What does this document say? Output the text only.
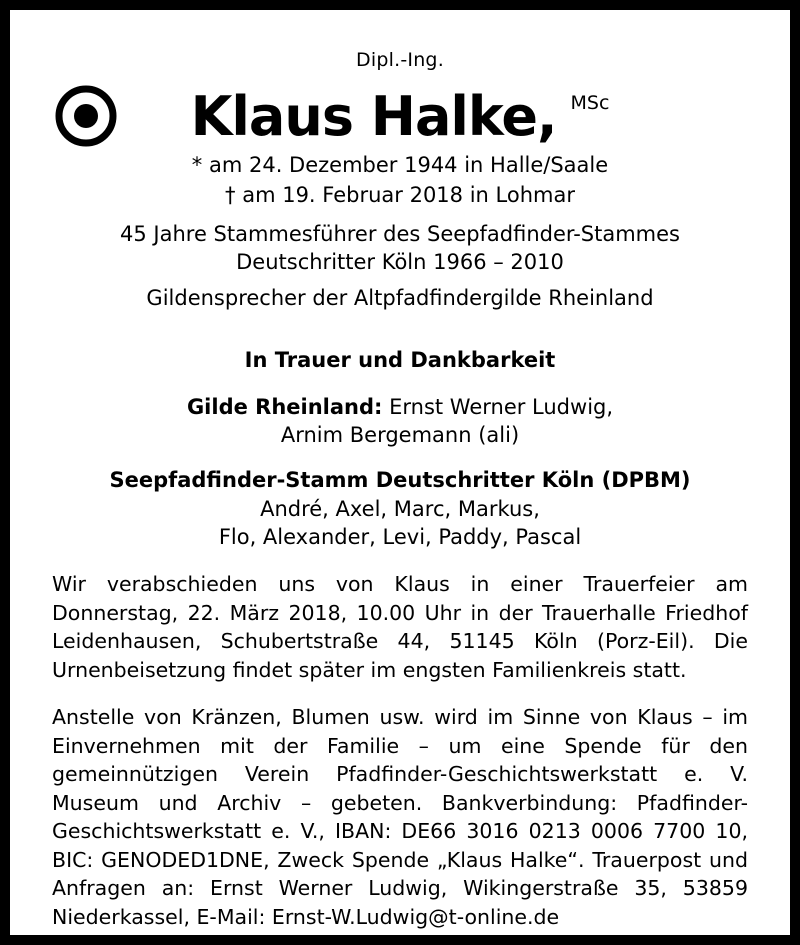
Dipl.-Ing.
Klaus Halke, MSc
* am 24. Dezember 1944 in Halle/Saale
† am 19. Februar 2018 in Lohmar
45 Jahre Stammesführer des Seepfadfinder-Stammes
Deutschritter Köln 1966 – 2010
Gildensprecher der Altpfadfindergilde Rheinland
In Trauer und Dankbarkeit
Gilde Rheinland: Ernst Werner Ludwig,
Arnim Bergemann (ali)
Seepfadfinder-Stamm Deutschritter Köln (DPBM)
André, Axel, Marc, Markus,
Flo, Alexander, Levi, Paddy, Pascal

Wir verabschieden uns von Klaus in einer Trauerfeier am Donnerstag, 22. März 2018, 10.00 Uhr in der Trauerhalle Friedhof Leidenhausen, Schubertstraße 44, 51145 Köln (Porz-Eil). Die Urnenbeisetzung findet später im engsten Familienkreis statt.

Anstelle von Kränzen, Blumen usw. wird im Sinne von Klaus – im Einvernehmen mit der Familie – um eine Spende für den gemeinnützigen Verein Pfadfinder-Geschichtswerkstatt e. V. Museum und Archiv – gebeten. Bankverbindung: Pfadfinder-Geschichtswerkstatt e. V., IBAN: DE66 3016 0213 0006 7700 10, BIC: GENODED1DNE, Zweck Spende „Klaus Halke“. Trauerpost und Anfragen an: Ernst Werner Ludwig, Wikingerstraße 35, 53859 Niederkassel, E-Mail: Ernst-W.Ludwig@t-online.de
